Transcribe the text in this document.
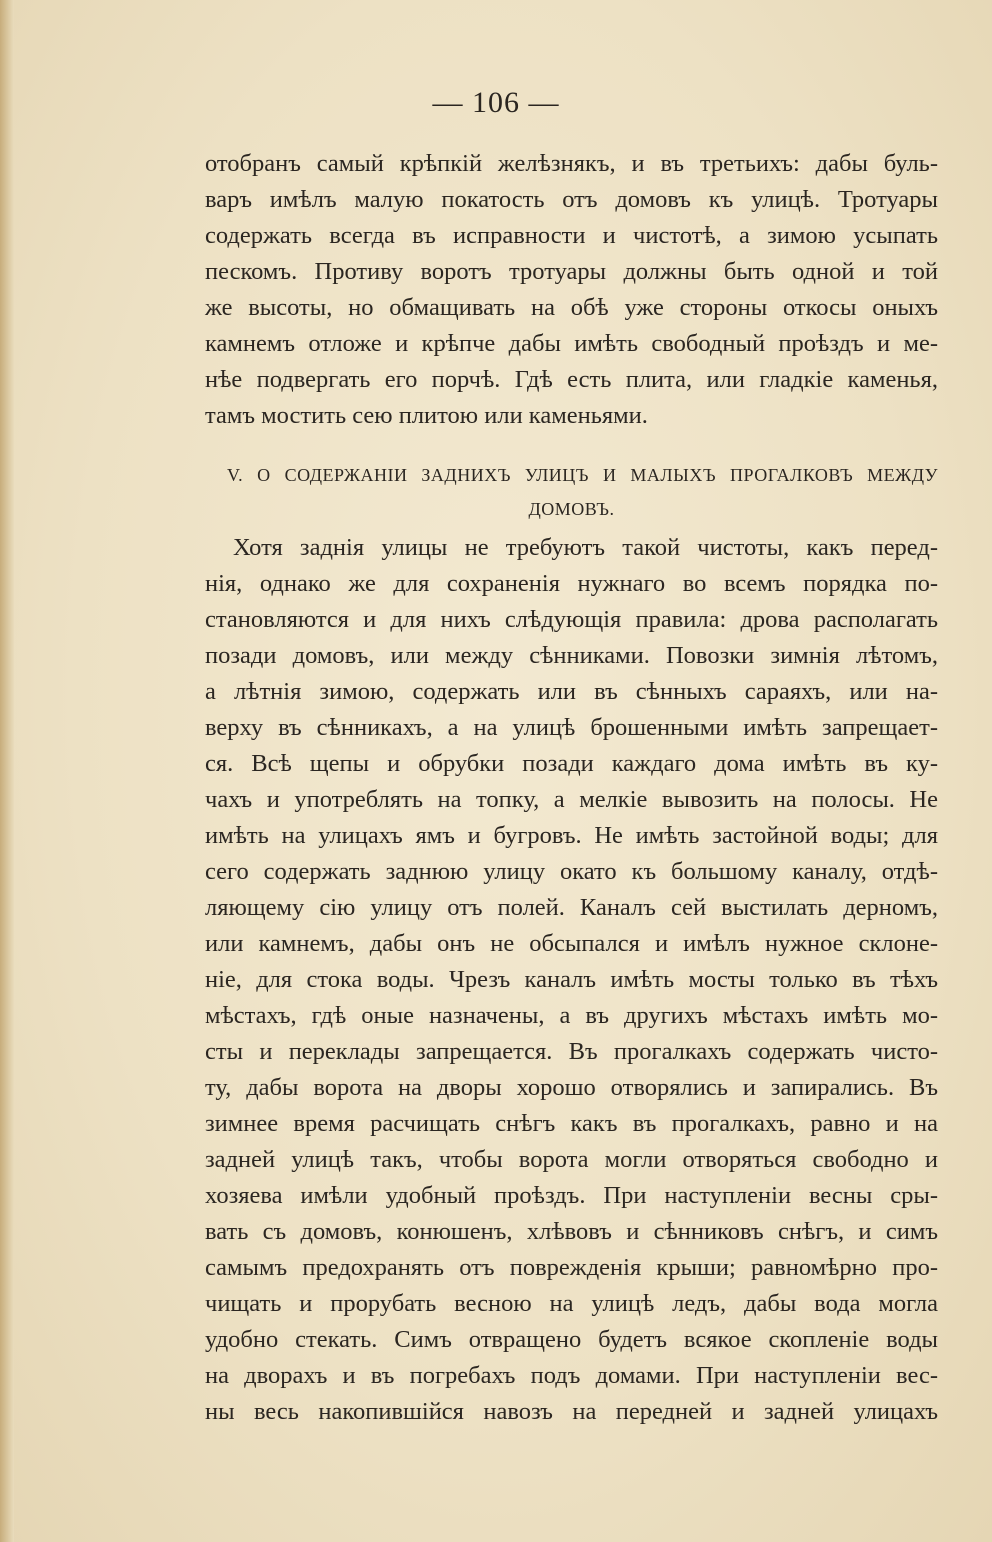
— 106 —
отобранъ самый крѣпкій желѣзнякъ, и въ третьихъ: дабы буль-
варъ имѣлъ малую покатость отъ домовъ къ улицѣ. Тротуары
содержать всегда въ исправности и чистотѣ, а зимою усыпать
пескомъ. Противу воротъ тротуары должны быть одной и той
же высоты, но обмащивать на обѣ уже стороны откосы оныхъ
камнемъ отложе и крѣпче дабы имѣть свободный проѣздъ и ме-
нѣе подвергать его порчѣ. Гдѣ есть плита, или гладкіе каменья,
тамъ мостить сею плитою или каменьями.
V. О СОДЕРЖАНІИ ЗАДНИХЪ УЛИЦЪ И МАЛЫХЪ ПРОГАЛКОВЪ МЕЖДУ
ДОМОВЪ.
Хотя заднія улицы не требуютъ такой чистоты, какъ перед-
нія, однако же для сохраненія нужнаго во всемъ порядка по-
становляются и для нихъ слѣдующія правила: дрова располагать
позади домовъ, или между сѣнниками. Повозки зимнія лѣтомъ,
а лѣтнія зимою, содержать или въ сѣнныхъ сараяхъ, или на-
верху въ сѣнникахъ, а на улицѣ брошенными имѣть запрещает-
ся. Всѣ щепы и обрубки позади каждаго дома имѣть въ ку-
чахъ и употреблять на топку, а мелкіе вывозить на полосы. Не
имѣть на улицахъ ямъ и бугровъ. Не имѣть застойной воды; для
сего содержать заднюю улицу окато къ большому каналу, отдѣ-
ляющему сію улицу отъ полей. Каналъ сей выстилать дерномъ,
или камнемъ, дабы онъ не обсыпался и имѣлъ нужное склоне-
ніе, для стока воды. Чрезъ каналъ имѣть мосты только въ тѣхъ
мѣстахъ, гдѣ оные назначены, а въ другихъ мѣстахъ имѣть мо-
сты и переклады запрещается. Въ прогалкахъ содержать чисто-
ту, дабы ворота на дворы хорошо отворялись и запирались. Въ
зимнее время расчищать снѣгъ какъ въ прогалкахъ, равно и на
задней улицѣ такъ, чтобы ворота могли отворяться свободно и
хозяева имѣли удобный проѣздъ. При наступленіи весны сры-
вать съ домовъ, конюшенъ, хлѣвовъ и сѣнниковъ снѣгъ, и симъ
самымъ предохранять отъ поврежденія крыши; равномѣрно про-
чищать и прорубать весною на улицѣ ледъ, дабы вода могла
удобно стекать. Симъ отвращено будетъ всякое скопленіе воды
на дворахъ и въ погребахъ подъ домами. При наступленіи вес-
ны весь накопившійся навозъ на передней и задней улицахъ
